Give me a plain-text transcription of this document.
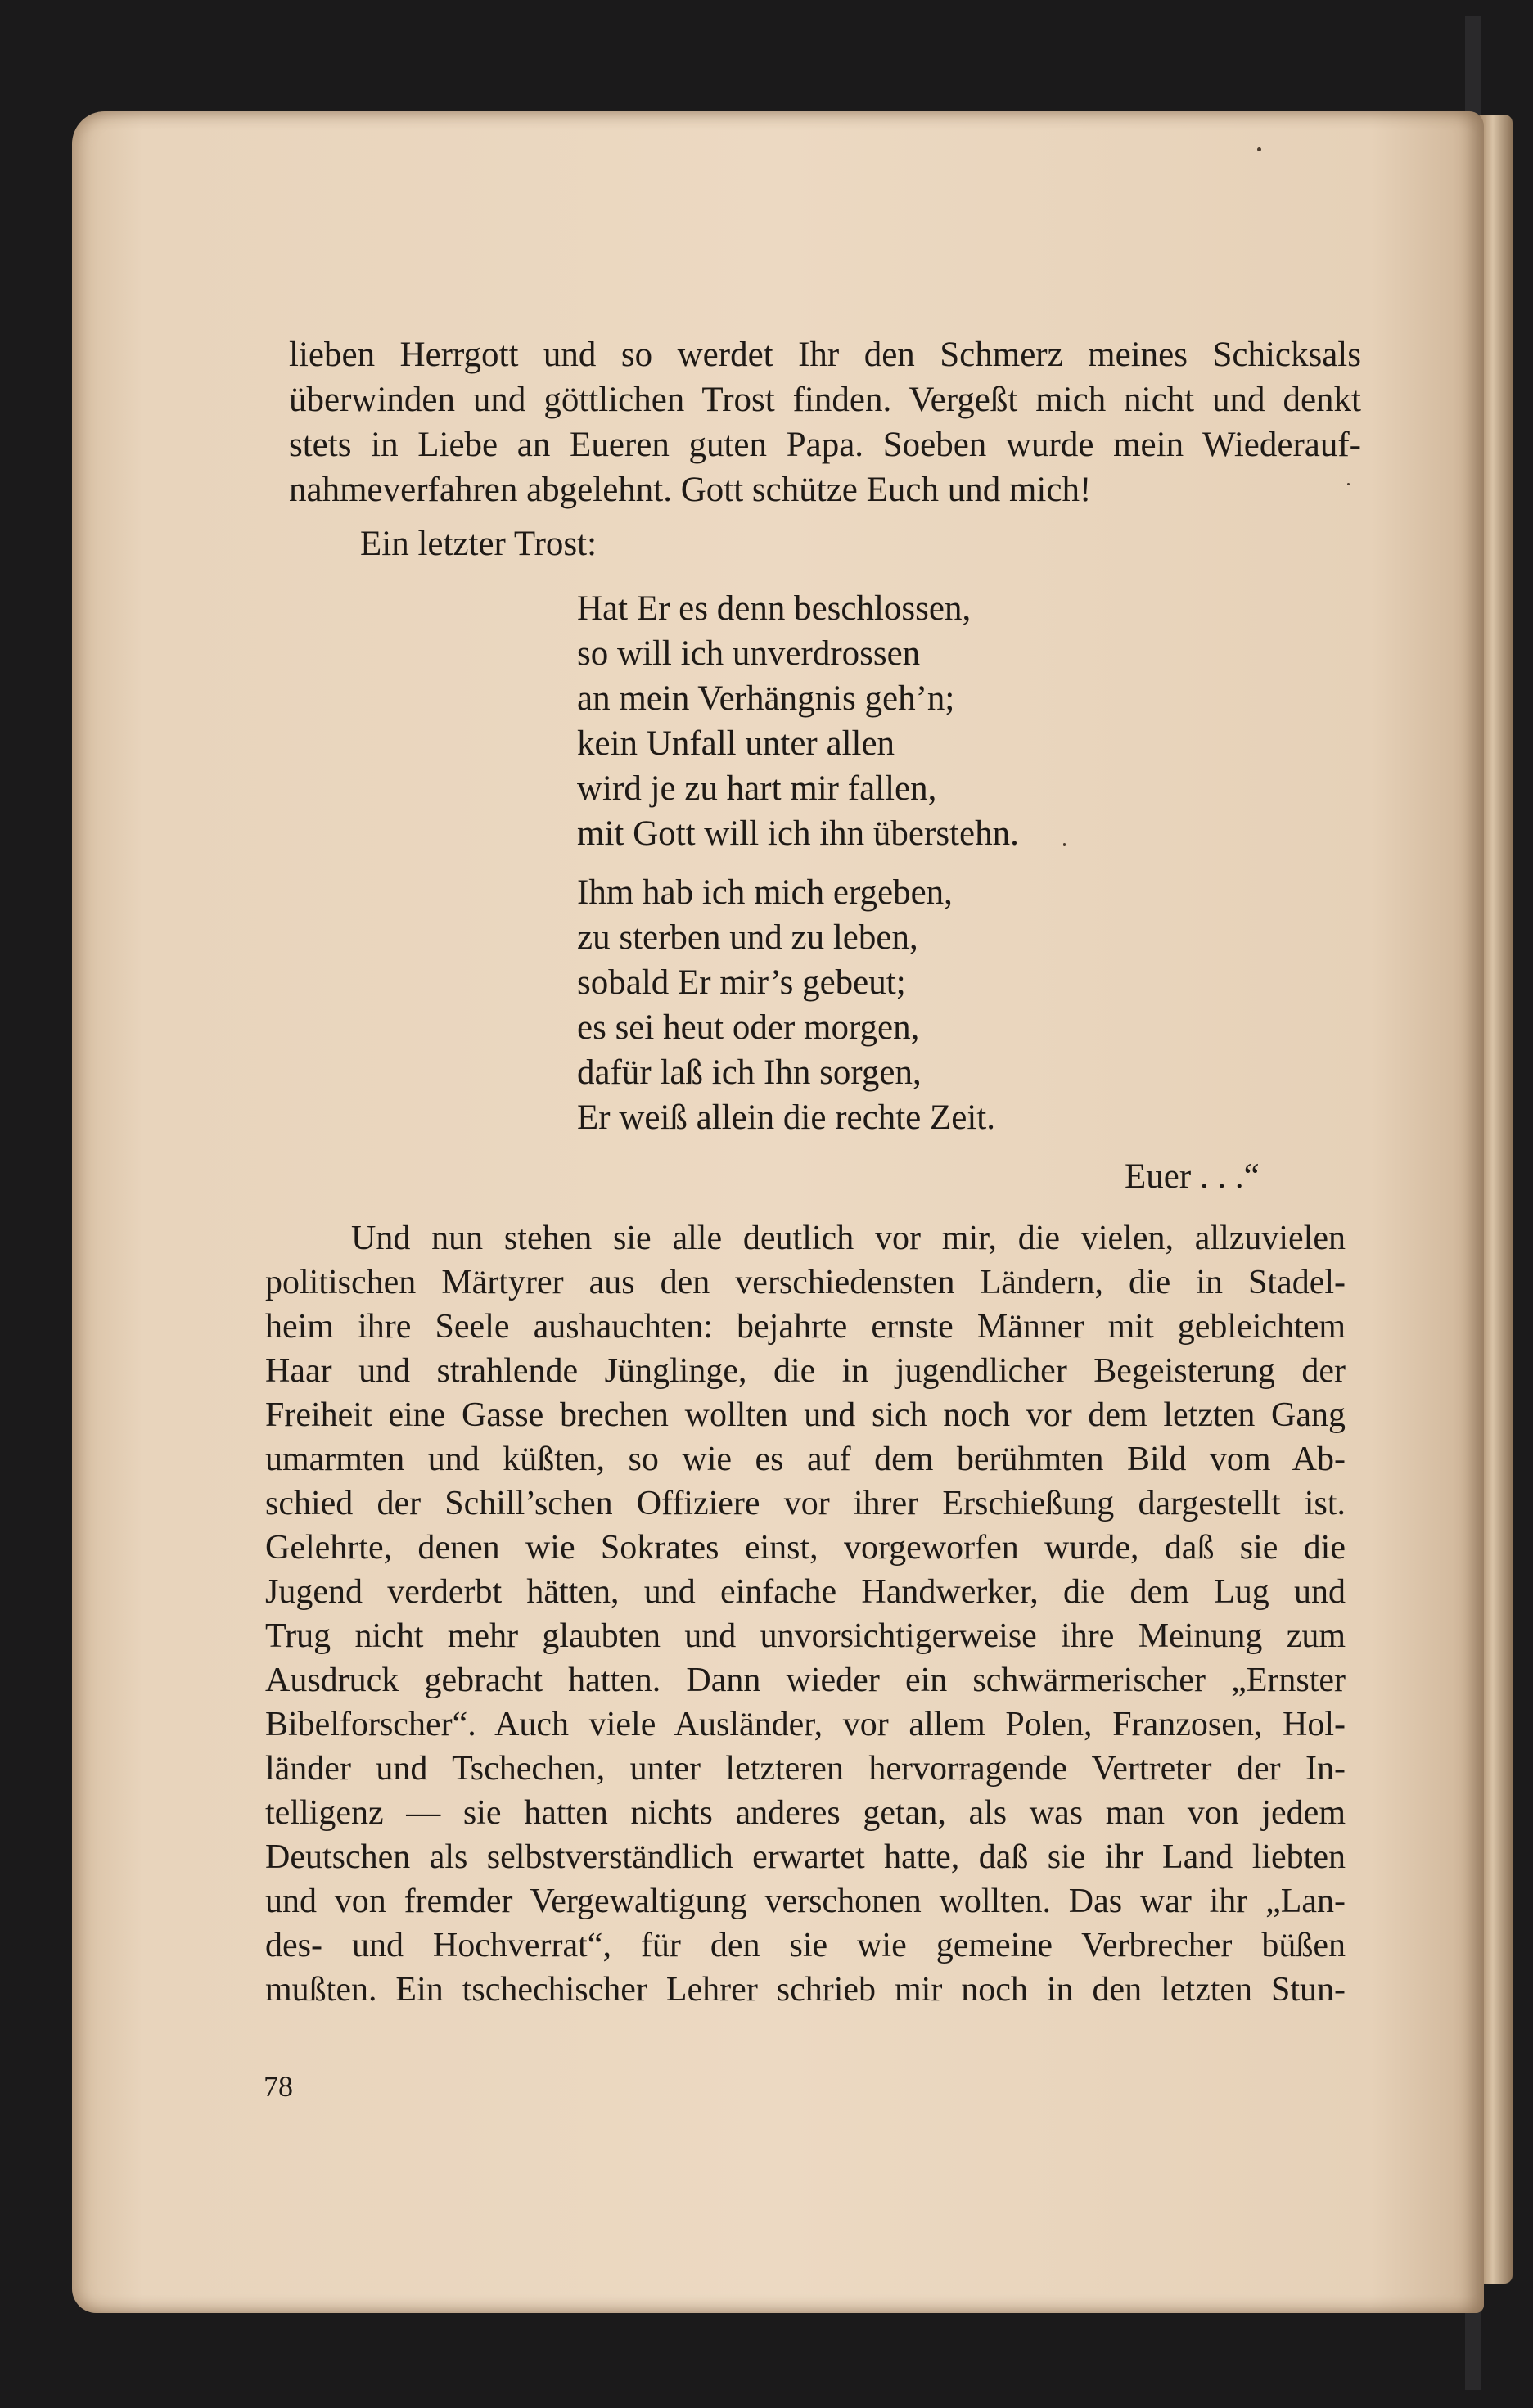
lieben Herrgott und so werdet Ihr den Schmerz meines Schicksals
überwinden und göttlichen Trost finden. Vergeßt mich nicht und denkt
stets in Liebe an Eueren guten Papa. Soeben wurde mein Wiederauf-
nahmeverfahren abgelehnt. Gott schütze Euch und mich!
Ein letzter Trost:
Hat Er es denn beschlossen,
so will ich unverdrossen
an mein Verhängnis geh’n;
kein Unfall unter allen
wird je zu hart mir fallen,
mit Gott will ich ihn überstehn.
Ihm hab ich mich ergeben,
zu sterben und zu leben,
sobald Er mir’s gebeut;
es sei heut oder morgen,
dafür laß ich Ihn sorgen,
Er weiß allein die rechte Zeit.
Euer . . .“
Und nun stehen sie alle deutlich vor mir, die vielen, allzuvielen
politischen Märtyrer aus den verschiedensten Ländern, die in Stadel-
heim ihre Seele aushauchten: bejahrte ernste Männer mit gebleichtem
Haar und strahlende Jünglinge, die in jugendlicher Begeisterung der
Freiheit eine Gasse brechen wollten und sich noch vor dem letzten Gang
umarmten und küßten, so wie es auf dem berühmten Bild vom Ab-
schied der Schill’schen Offiziere vor ihrer Erschießung dargestellt ist.
Gelehrte, denen wie Sokrates einst, vorgeworfen wurde, daß sie die
Jugend verderbt hätten, und einfache Handwerker, die dem Lug und
Trug nicht mehr glaubten und unvorsichtigerweise ihre Meinung zum
Ausdruck gebracht hatten. Dann wieder ein schwärmerischer „Ernster
Bibelforscher“. Auch viele Ausländer, vor allem Polen, Franzosen, Hol-
länder und Tschechen, unter letzteren hervorragende Vertreter der In-
telligenz — sie hatten nichts anderes getan, als was man von jedem
Deutschen als selbstverständlich erwartet hatte, daß sie ihr Land liebten
und von fremder Vergewaltigung verschonen wollten. Das war ihr „Lan-
des- und Hochverrat“, für den sie wie gemeine Verbrecher büßen
mußten. Ein tschechischer Lehrer schrieb mir noch in den letzten Stun-
78
